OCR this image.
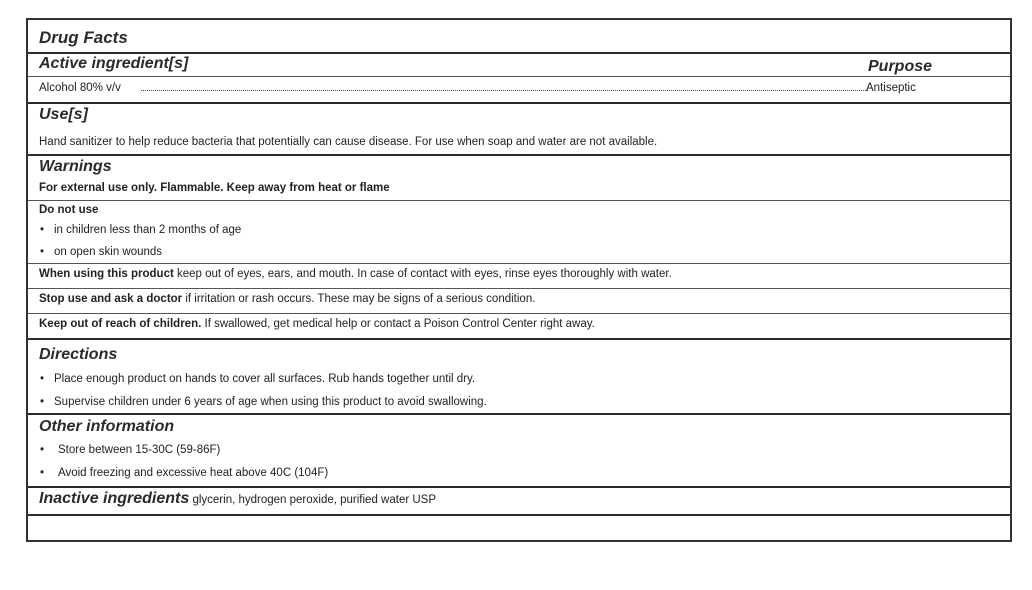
Drug Facts
Active ingredient[s]	Purpose
Alcohol 80% v/v	Antiseptic
Use[s]
Hand sanitizer to help reduce bacteria that potentially can cause disease. For use when soap and water are not available.
Warnings
For external use only. Flammable. Keep away from heat or flame
Do not use
• in children less than 2 months of age
• on open skin wounds
When using this product keep out of eyes, ears, and mouth. In case of contact with eyes, rinse eyes thoroughly with water.
Stop use and ask a doctor if irritation or rash occurs. These may be signs of a serious condition.
Keep out of reach of children. If swallowed, get medical help or contact a Poison Control Center right away.
Directions
• Place enough product on hands to cover all surfaces. Rub hands together until dry.
• Supervise children under 6 years of age when using this product to avoid swallowing.
Other information
• Store between 15-30C (59-86F)
• Avoid freezing and excessive heat above 40C (104F)
Inactive ingredients glycerin, hydrogen peroxide, purified water USP
